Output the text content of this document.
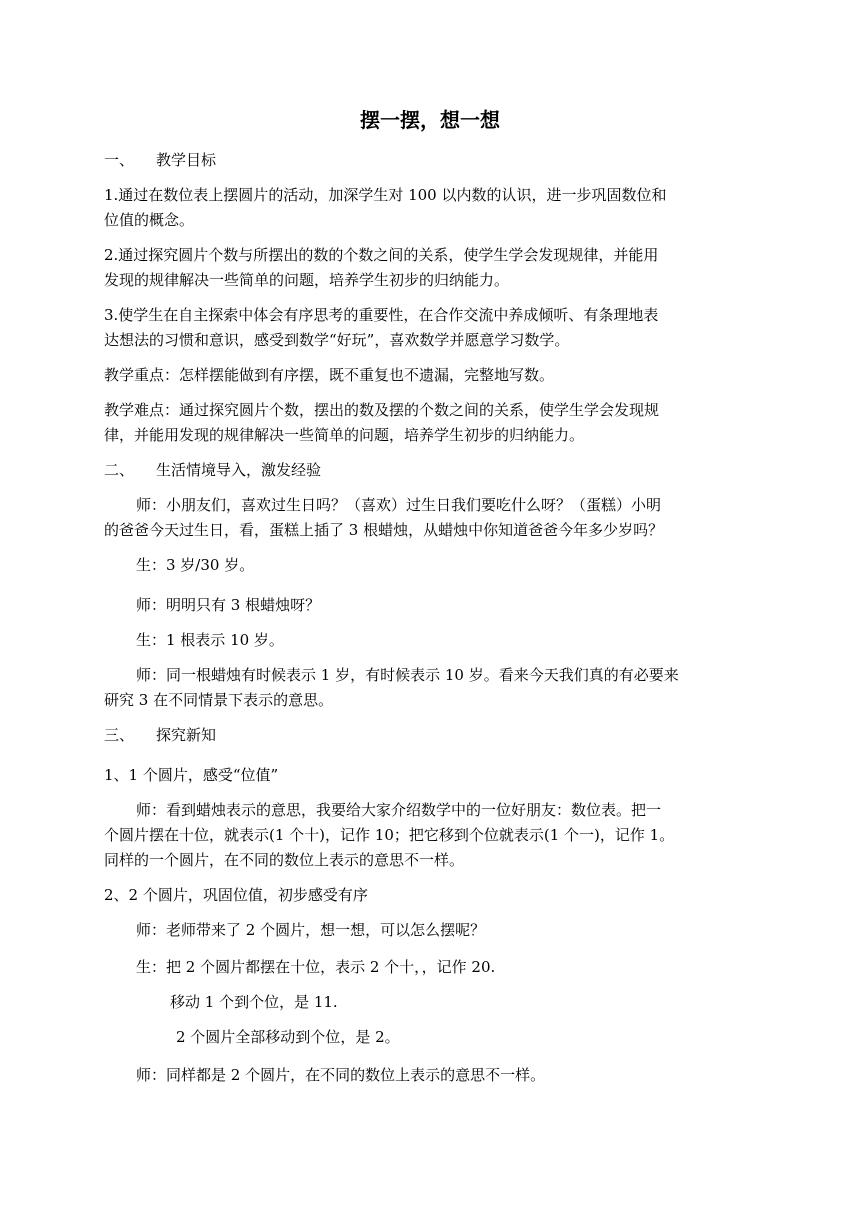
摆一摆，想一想
一、 教学目标
1.通过在数位表上摆圆片的活动，加深学生对 100 以内数的认识，进一步巩固数位和
位值的概念。
2.通过探究圆片个数与所摆出的数的个数之间的关系，使学生学会发现规律，并能用
发现的规律解决一些简单的问题，培养学生初步的归纳能力。
3.使学生在自主探索中体会有序思考的重要性，在合作交流中养成倾听、有条理地表
达想法的习惯和意识，感受到数学“好玩”，喜欢数学并愿意学习数学。
教学重点：怎样摆能做到有序摆，既不重复也不遗漏，完整地写数。
教学难点：通过探究圆片个数，摆出的数及摆的个数之间的关系，使学生学会发现规
律，并能用发现的规律解决一些简单的问题，培养学生初步的归纳能力。
二、 生活情境导入，激发经验
师：小朋友们，喜欢过生日吗？（喜欢）过生日我们要吃什么呀？（蛋糕）小明
的爸爸今天过生日，看，蛋糕上插了 3 根蜡烛，从蜡烛中你知道爸爸今年多少岁吗？
生：3 岁/30 岁。
师：明明只有 3 根蜡烛呀？
生：1 根表示 10 岁。
师：同一根蜡烛有时候表示 1 岁，有时候表示 10 岁。看来今天我们真的有必要来
研究 3 在不同情景下表示的意思。
三、 探究新知
1、1 个圆片，感受“位值”
师：看到蜡烛表示的意思，我要给大家介绍数学中的一位好朋友：数位表。把一
个圆片摆在十位，就表示(1 个十)，记作 10；把它移到个位就表示(1 个一)，记作 1。
同样的一个圆片，在不同的数位上表示的意思不一样。
2、2 个圆片，巩固位值，初步感受有序
师：老师带来了 2 个圆片，想一想，可以怎么摆呢？
生：把 2 个圆片都摆在十位，表示 2 个十，，记作 20.
移动 1 个到个位，是 11.
2 个圆片全部移动到个位，是 2。
师：同样都是 2 个圆片，在不同的数位上表示的意思不一样。
